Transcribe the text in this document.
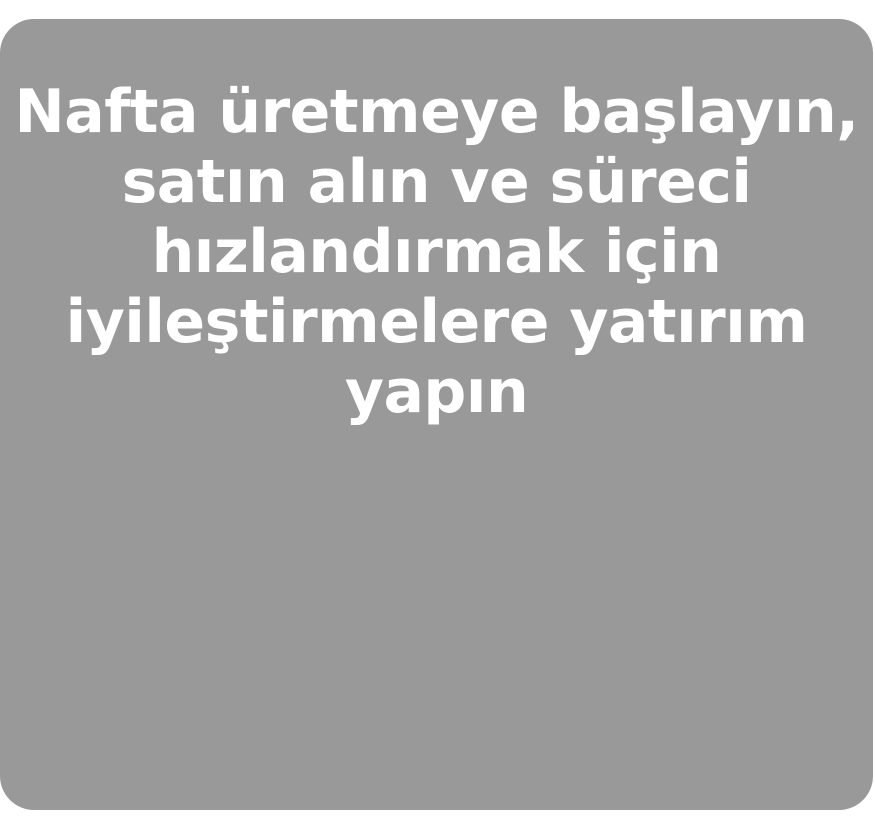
Nafta üretmeye başlayın,
satın alın ve süreci
hızlandırmak için
iyileştirmelere yatırım
yapın
